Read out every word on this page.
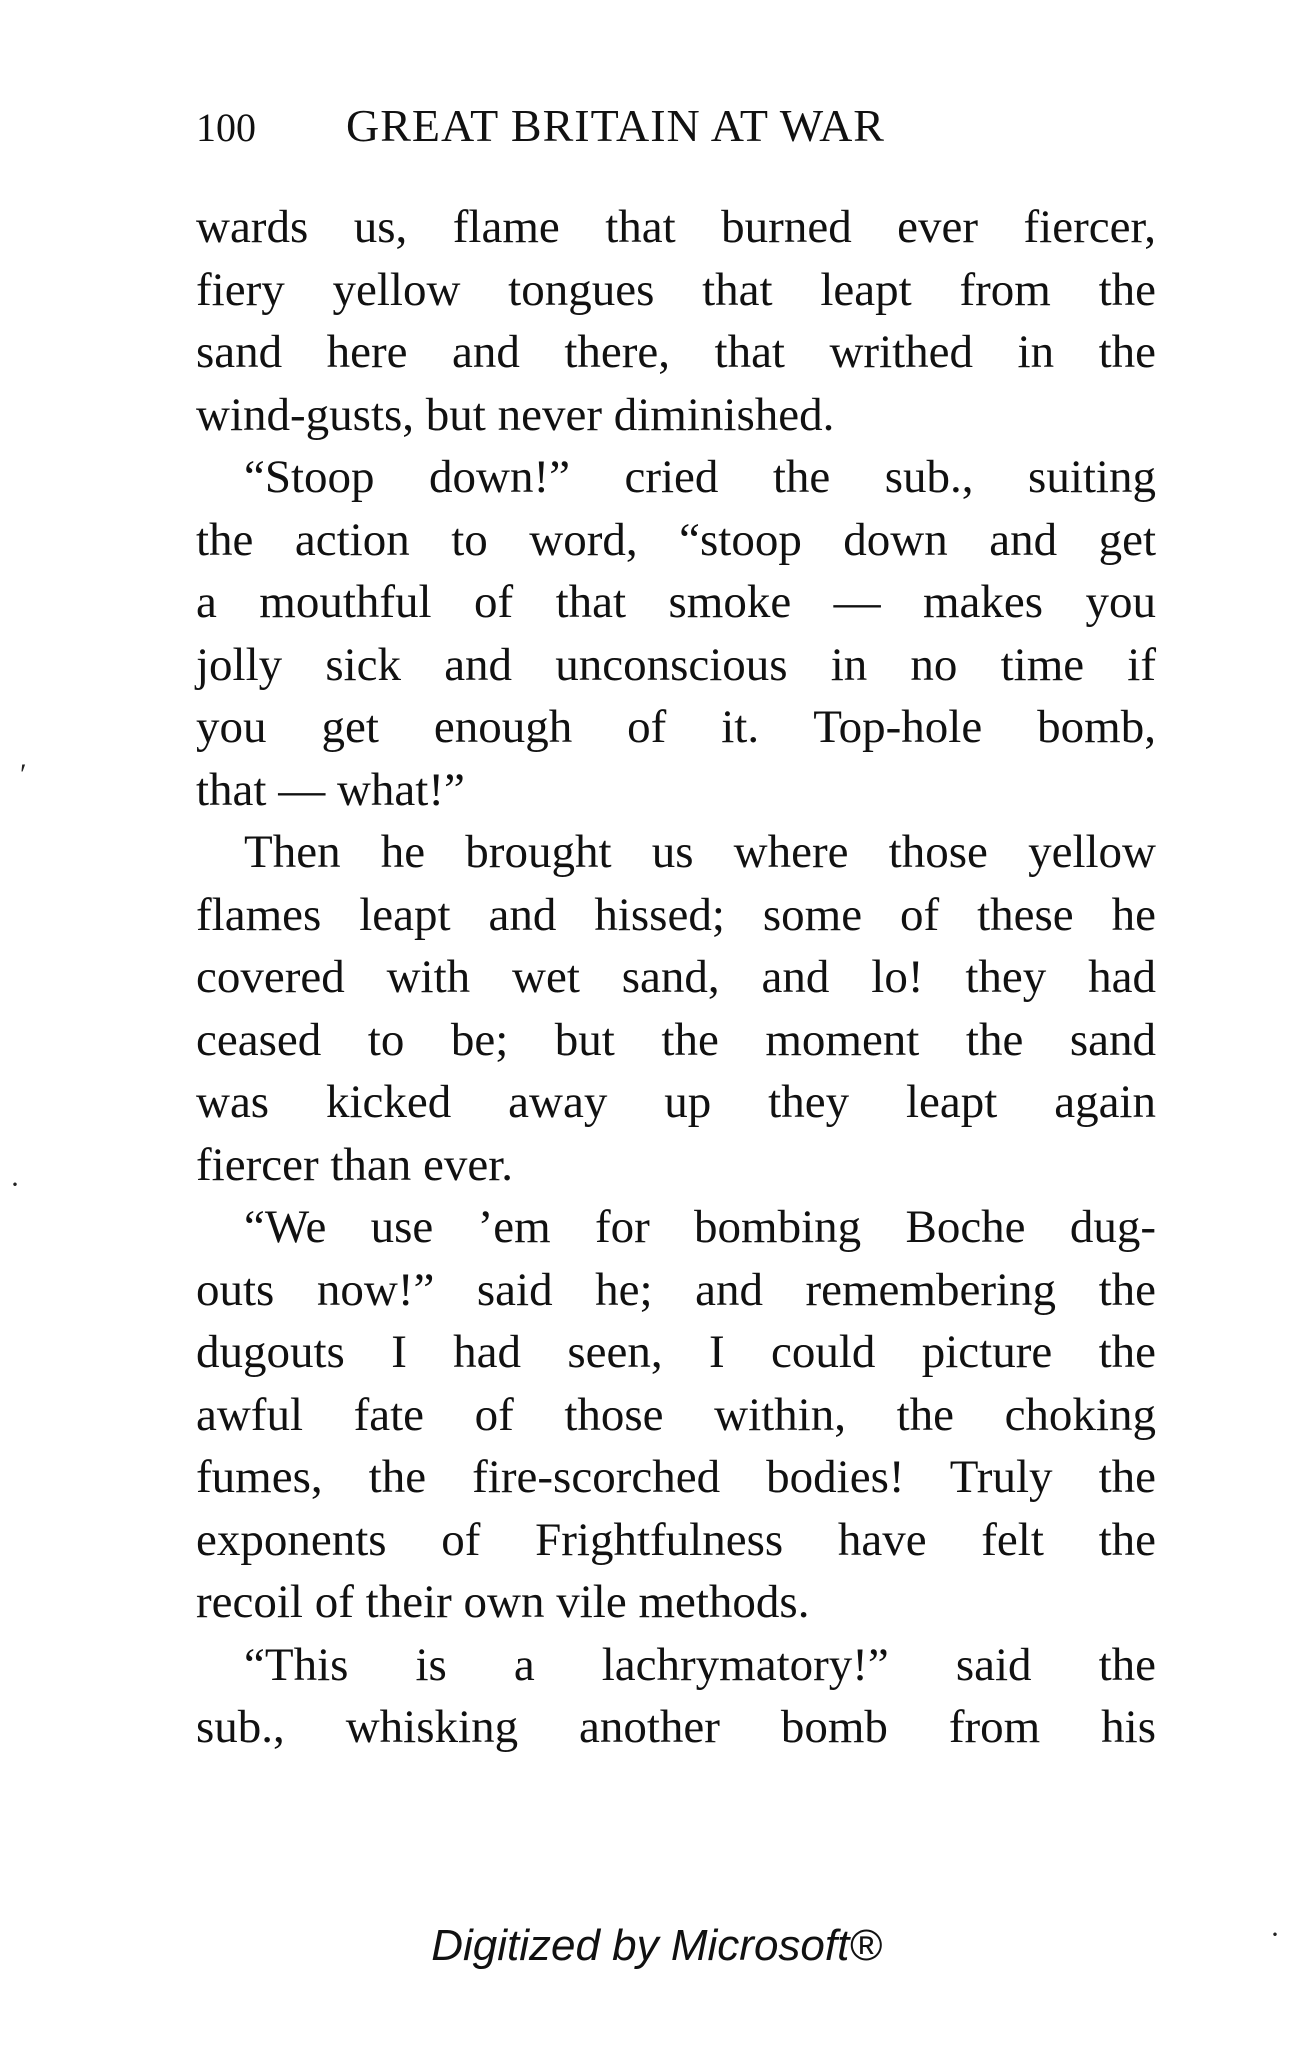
100 GREAT BRITAIN AT WAR
wards us, flame that burned ever fiercer,
fiery yellow tongues that leapt from the
sand here and there, that writhed in the
wind-gusts, but never diminished.
“Stoop down!” cried the sub., suiting
the action to word, “stoop down and get
a mouthful of that smoke — makes you
jolly sick and unconscious in no time if
you get enough of it. Top-hole bomb,
that — what!”
Then he brought us where those yellow
flames leapt and hissed; some of these he
covered with wet sand, and lo! they had
ceased to be; but the moment the sand
was kicked away up they leapt again
fiercer than ever.
“We use ’em for bombing Boche dug-
outs now!” said he; and remembering the
dugouts I had seen, I could picture the
awful fate of those within, the choking
fumes, the fire-scorched bodies! Truly the
exponents of Frightfulness have felt the
recoil of their own vile methods.
“This is a lachrymatory!” said the
sub., whisking another bomb from his
ʹ
·
·
Digitized by Microsoft®
